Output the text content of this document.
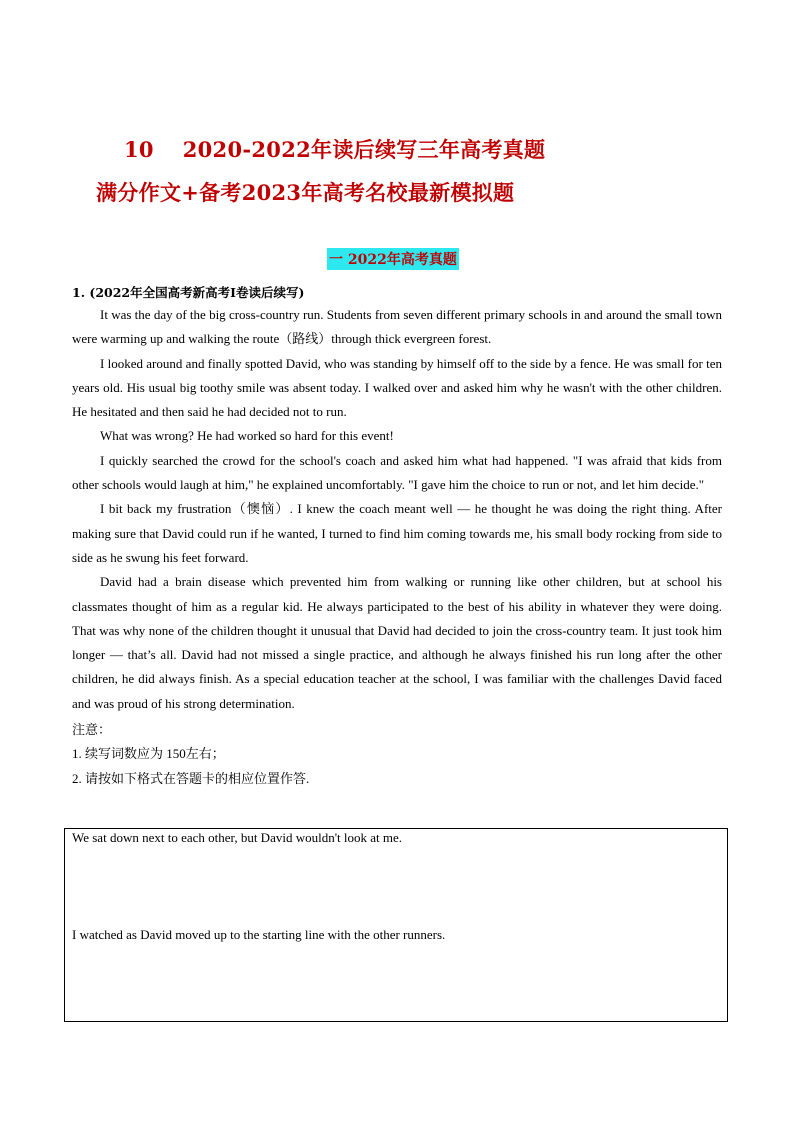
10　 2020-2022年读后续写三年高考真题
满分作文+备考2023年高考名校最新模拟题
一 2022年高考真题
1. (2022年全国高考新高考I卷读后续写)

It was the day of the big cross-country run. Students from seven different primary schools in and around the small town were warming up and walking the route（路线）through thick evergreen forest.

I looked around and finally spotted David, who was standing by himself off to the side by a fence. He was small for ten years old. His usual big toothy smile was absent today. I walked over and asked him why he wasn't with the other children. He hesitated and then said he had decided not to run.

What was wrong? He had worked so hard for this event!

I quickly searched the crowd for the school's coach and asked him what had happened. "I was afraid that kids from other schools would laugh at him," he explained uncomfortably. "I gave him the choice to run or not, and let him decide."

I bit back my frustration（懊恼）. I knew the coach meant well — he thought he was doing the right thing. After making sure that David could run if he wanted, I turned to find him coming towards me, his small body rocking from side to side as he swung his feet forward.

David had a brain disease which prevented him from walking or running like other children, but at school his classmates thought of him as a regular kid. He always participated to the best of his ability in whatever they were doing. That was why none of the children thought it unusual that David had decided to join the cross-country team. It just took him longer — that’s all. David had not missed a single practice, and although he always finished his run long after the other children, he did always finish. As a special education teacher at the school, I was familiar with the challenges David faced and was proud of his strong determination.

注意：
1. 续写词数应为 150左右；
2. 请按如下格式在答题卡的相应位置作答.
We sat down next to each other, but David wouldn't look at me.
I watched as David moved up to the starting line with the other runners.
